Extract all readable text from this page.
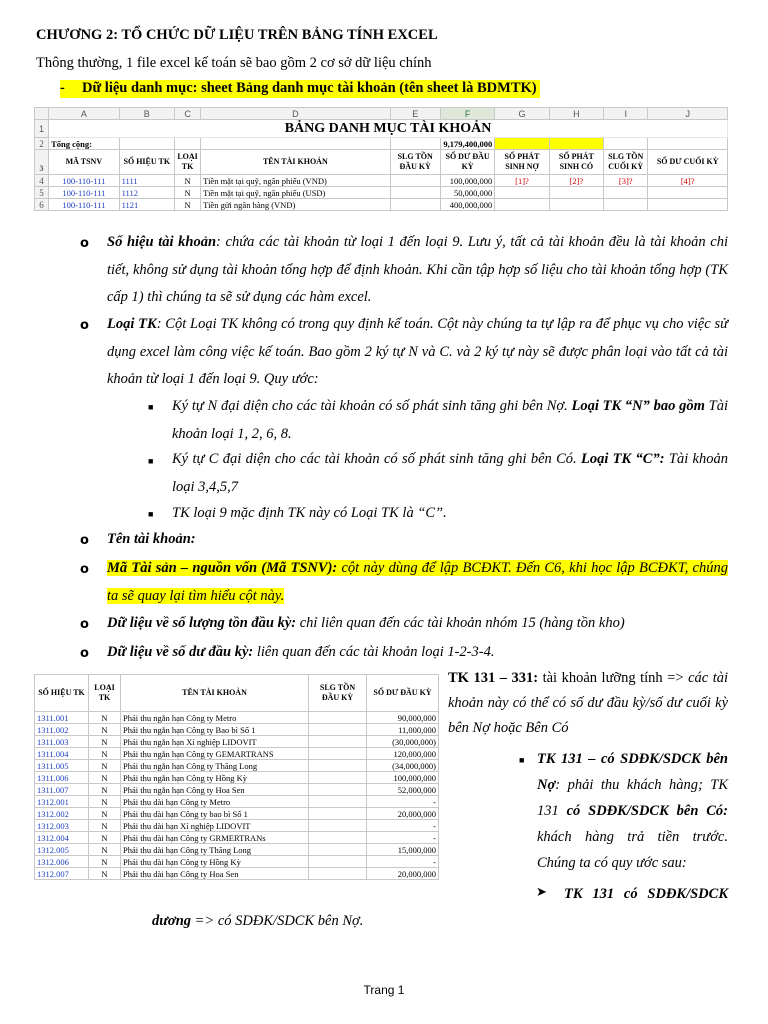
CHƯƠNG 2: TỔ CHỨC DỮ LIỆU TRÊN BẢNG TÍNH EXCEL
Thông thường, 1 file excel kế toán sẽ bao gồm 2 cơ sở dữ liệu chính
- Dữ liệu danh mục: sheet Bảng danh mục tài khoản (tên sheet là BDMTK)
	A	B	C	D	E	F	G	H	I	J
1	BẢNG DANH MỤC TÀI KHOẢN									
2	Tổng cộng:					9,179,400,000				
3	MÃ TSNV	SỐ HIỆU TK	LOẠI TK	TÊN TÀI KHOẢN	SLG TỒN ĐẦU KỲ	SỐ DƯ ĐẦU KỲ	SỐ PHÁT SINH NỢ	SỐ PHÁT SINH CÓ	SLG TỒN CUỐI KỲ	SỐ DƯ CUỐI KỲ
4	100-110-111	1111	N	Tiền mặt tại quỹ, ngân phiếu (VND)		100,000,000	[1]?	[2]?	[3]?	[4]?
5	100-110-111	1112	N	Tiền mặt tại quỹ, ngân phiếu (USD)		50,000,000				
6	100-110-111	1121	N	Tiền gửi ngân hàng (VND)		400,000,000				
o Số hiệu tài khoản: chứa các tài khoản từ loại 1 đến loại 9. Lưu ý, tất cả tài khoản đều là tài khoản chi tiết, không sử dụng tài khoản tổng hợp để định khoản. Khi cần tập hợp số liệu cho tài khoản tổng hợp (TK cấp 1) thì chúng ta sẽ sử dụng các hàm excel.
o Loại TK: Cột Loại TK không có trong quy định kế toán. Cột này chúng ta tự lập ra để phục vụ cho việc sử dụng excel làm công việc kế toán. Bao gồm 2 ký tự N và C. và 2 ký tự này sẽ được phân loại vào tất cả tài khoản từ loại 1 đến loại 9. Quy ước:
■ Ký tự N đại diện cho các tài khoản có số phát sinh tăng ghi bên Nợ. Loại TK “N” bao gồm Tài khoản loại 1, 2, 6, 8.
■ Ký tự C đại diện cho các tài khoản có số phát sinh tăng ghi bên Có. Loại TK “C”: Tài khoản loại 3,4,5,7
■ TK loại 9 mặc định TK này có Loại TK là “C”.
o Tên tài khoản:
o Mã Tài sản – nguồn vốn (Mã TSNV): cột này dùng để lập BCĐKT. Đến C6, khi học lập BCĐKT, chúng ta sẽ quay lại tìm hiểu cột này.
o Dữ liệu về số lượng tồn đầu kỳ: chỉ liên quan đến các tài khoản nhóm 15 (hàng tồn kho)
o Dữ liệu về số dư đầu kỳ: liên quan đến các tài khoản loại 1-2-3-4.
SỐ HIỆU TK	LOẠI TK	TÊN TÀI KHOẢN	SLG TỒN ĐẦU KỲ	SỐ DƯ ĐẦU KỲ
1311.001	N	Phải thu ngắn hạn Công ty Metro		90,000,000
1311.002	N	Phải thu ngắn hạn Công ty Bao bì Số 1		11,000,000
1311.003	N	Phải thu ngắn hạn Xí nghiệp LIDOVIT		(30,000,000)
1311.004	N	Phải thu ngắn hạn Công ty GEMARTRANS		120,000,000
1311.005	N	Phải thu ngắn hạn Công ty Thăng Long		(34,000,000)
1311.006	N	Phải thu ngắn hạn Công ty Hồng Kỳ		100,000,000
1311.007	N	Phải thu ngắn hạn Công ty Hoa Sen		52,000,000
1312.001	N	Phải thu dài hạn Công ty Metro		-
1312.002	N	Phải thu dài hạn Công ty bao bì Số 1		20,000,000
1312.003	N	Phải thu dài hạn Xí nghiệp LIDOVIT		-
1312.004	N	Phải thu dài hạn Công ty GRMERTRANs		-
1312.005	N	Phải thu dài hạn Công ty Thăng Long		15,000,000
1312.006	N	Phải thu dài hạn Công ty Hồng Kỳ		-
1312.007	N	Phải thu dài hạn Công ty Hoa Sen		20,000,000
TK 131 – 331: tài khoản lưỡng tính => các tài khoản này có thể có số dư đầu kỳ/số dư cuối kỳ bên Nợ hoặc Bên Có
■ TK 131 – có SDĐK/SDCK bên Nợ: phải thu khách hàng; TK 131 có SDĐK/SDCK bên Có: khách hàng trả tiền trước. Chúng ta có quy ước sau:
➤ TK 131 có SDĐK/SDCK
dương => có SDĐK/SDCK bên Nợ.
Trang 1
